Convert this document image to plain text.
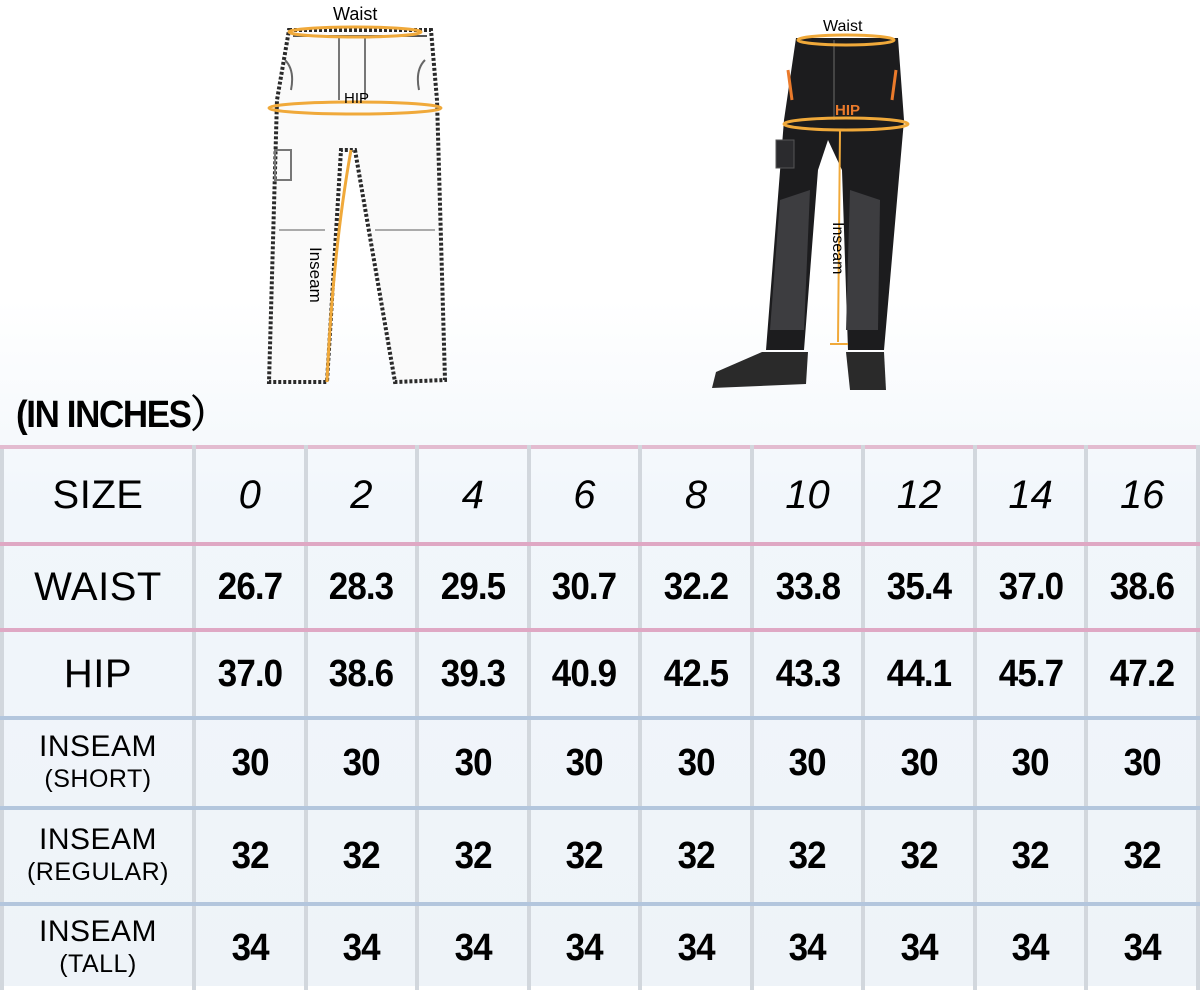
Waist
HIP
Inseam
Waist
HIP
Inseam
(IN INCHES）
SIZE	0	2	4	6	8	10	12	14	16
WAIST	26.7	28.3	29.5	30.7	32.2	33.8	35.4	37.0	38.6
HIP	37.0	38.6	39.3	40.9	42.5	43.3	44.1	45.7	47.2
INSEAM
(SHORT)	30	30	30	30	30	30	30	30	30
INSEAM
(REGULAR)	32	32	32	32	32	32	32	32	32
INSEAM
(TALL)	34	34	34	34	34	34	34	34	34
